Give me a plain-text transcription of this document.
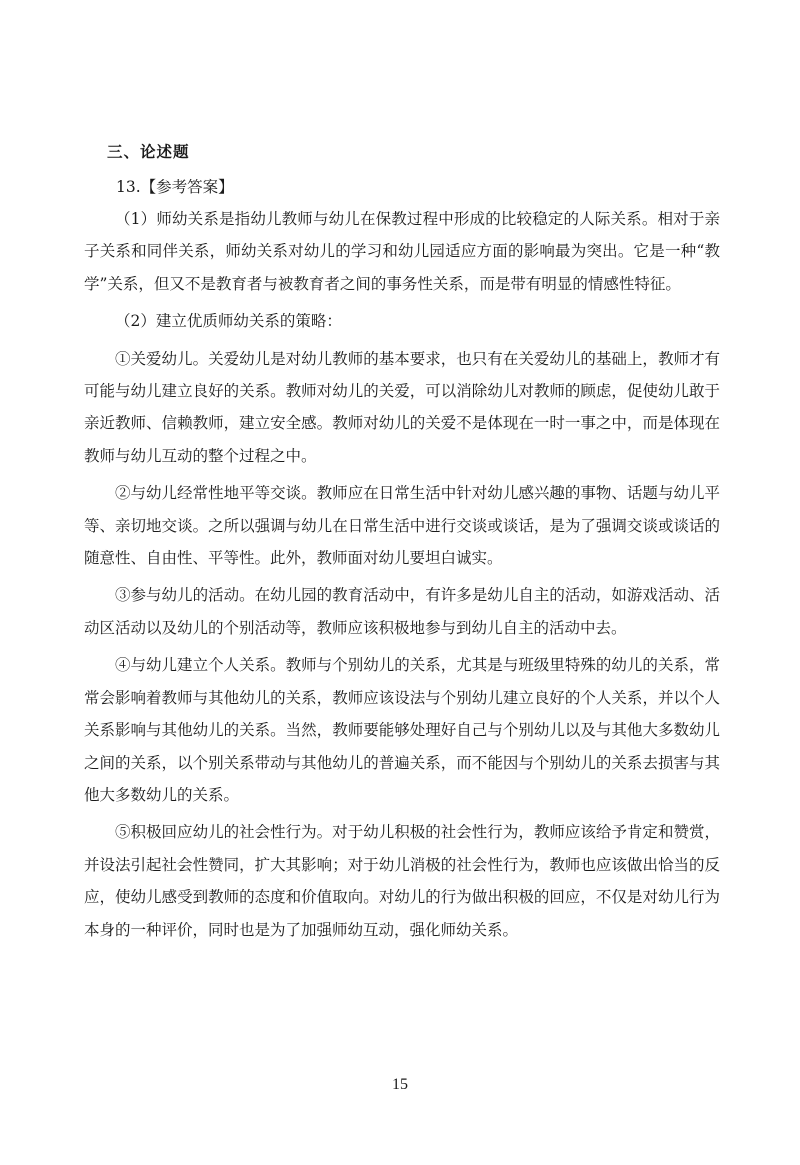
三、论述题
13.【参考答案】

（1）师幼关系是指幼儿教师与幼儿在保教过程中形成的比较稳定的人际关系。相对于亲子关系和同伴关系，师幼关系对幼儿的学习和幼儿园适应方面的影响最为突出。它是一种“教学”关系，但又不是教育者与被教育者之间的事务性关系，而是带有明显的情感性特征。

（2）建立优质师幼关系的策略：

①关爱幼儿。关爱幼儿是对幼儿教师的基本要求，也只有在关爱幼儿的基础上，教师才有可能与幼儿建立良好的关系。教师对幼儿的关爱，可以消除幼儿对教师的顾虑，促使幼儿敢于亲近教师、信赖教师，建立安全感。教师对幼儿的关爱不是体现在一时一事之中，而是体现在教师与幼儿互动的整个过程之中。

②与幼儿经常性地平等交谈。教师应在日常生活中针对幼儿感兴趣的事物、话题与幼儿平等、亲切地交谈。之所以强调与幼儿在日常生活中进行交谈或谈话，是为了强调交谈或谈话的随意性、自由性、平等性。此外，教师面对幼儿要坦白诚实。

③参与幼儿的活动。在幼儿园的教育活动中，有许多是幼儿自主的活动，如游戏活动、活动区活动以及幼儿的个别活动等，教师应该积极地参与到幼儿自主的活动中去。

④与幼儿建立个人关系。教师与个别幼儿的关系，尤其是与班级里特殊的幼儿的关系，常常会影响着教师与其他幼儿的关系，教师应该设法与个别幼儿建立良好的个人关系，并以个人关系影响与其他幼儿的关系。当然，教师要能够处理好自己与个别幼儿以及与其他大多数幼儿之间的关系，以个别关系带动与其他幼儿的普遍关系，而不能因与个别幼儿的关系去损害与其他大多数幼儿的关系。

⑤积极回应幼儿的社会性行为。对于幼儿积极的社会性行为，教师应该给予肯定和赞赏，并设法引起社会性赞同，扩大其影响；对于幼儿消极的社会性行为，教师也应该做出恰当的反应，使幼儿感受到教师的态度和价值取向。对幼儿的行为做出积极的回应，不仅是对幼儿行为本身的一种评价，同时也是为了加强师幼互动，强化师幼关系。

15
